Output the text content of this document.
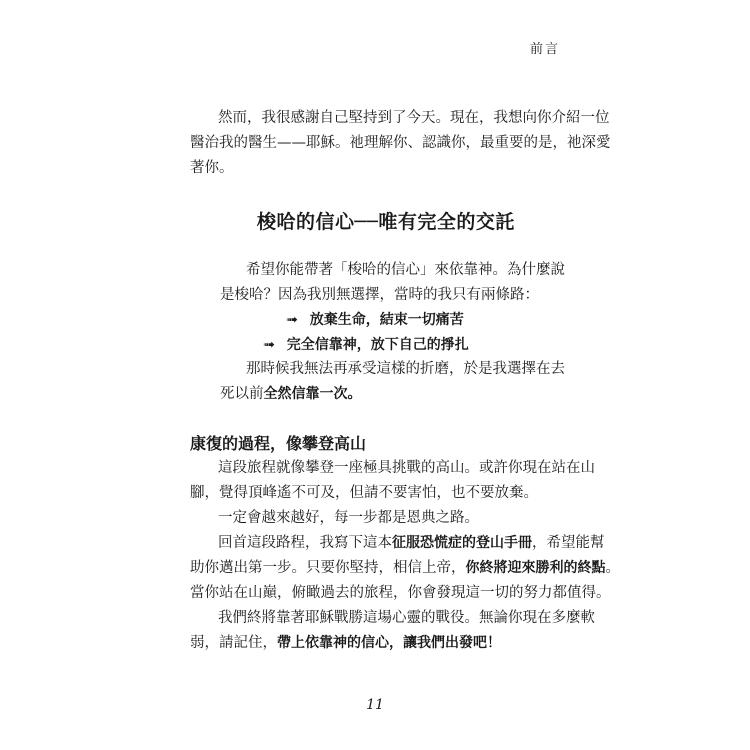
前言
然而，我很感謝自己堅持到了今天。現在，我想向你介紹一位
醫治我的醫生——耶穌。祂理解你、認識你，最重要的是，祂深愛
著你。
梭哈的信心──唯有完全的交託
希望你能帶著「梭哈的信心」來依靠神。為什麼說
是梭哈？因為我別無選擇，當時的我只有兩條路：
➟ 放棄生命，結束一切痛苦
➟ 完全信靠神，放下自己的掙扎
那時候我無法再承受這樣的折磨，於是我選擇在去
死以前全然信靠一次。
康復的過程，像攀登高山
這段旅程就像攀登一座極具挑戰的高山。或許你現在站在山
腳，覺得頂峰遙不可及，但請不要害怕，也不要放棄。
一定會越來越好，每一步都是恩典之路。
回首這段路程，我寫下這本征服恐慌症的登山手冊，希望能幫
助你邁出第一步。只要你堅持，相信上帝，你終將迎來勝利的終點。
當你站在山巔，俯瞰過去的旅程，你會發現這一切的努力都值得。
我們終將靠著耶穌戰勝這場心靈的戰役。無論你現在多麼軟
弱，請記住，帶上依靠神的信心，讓我們出發吧！
11
